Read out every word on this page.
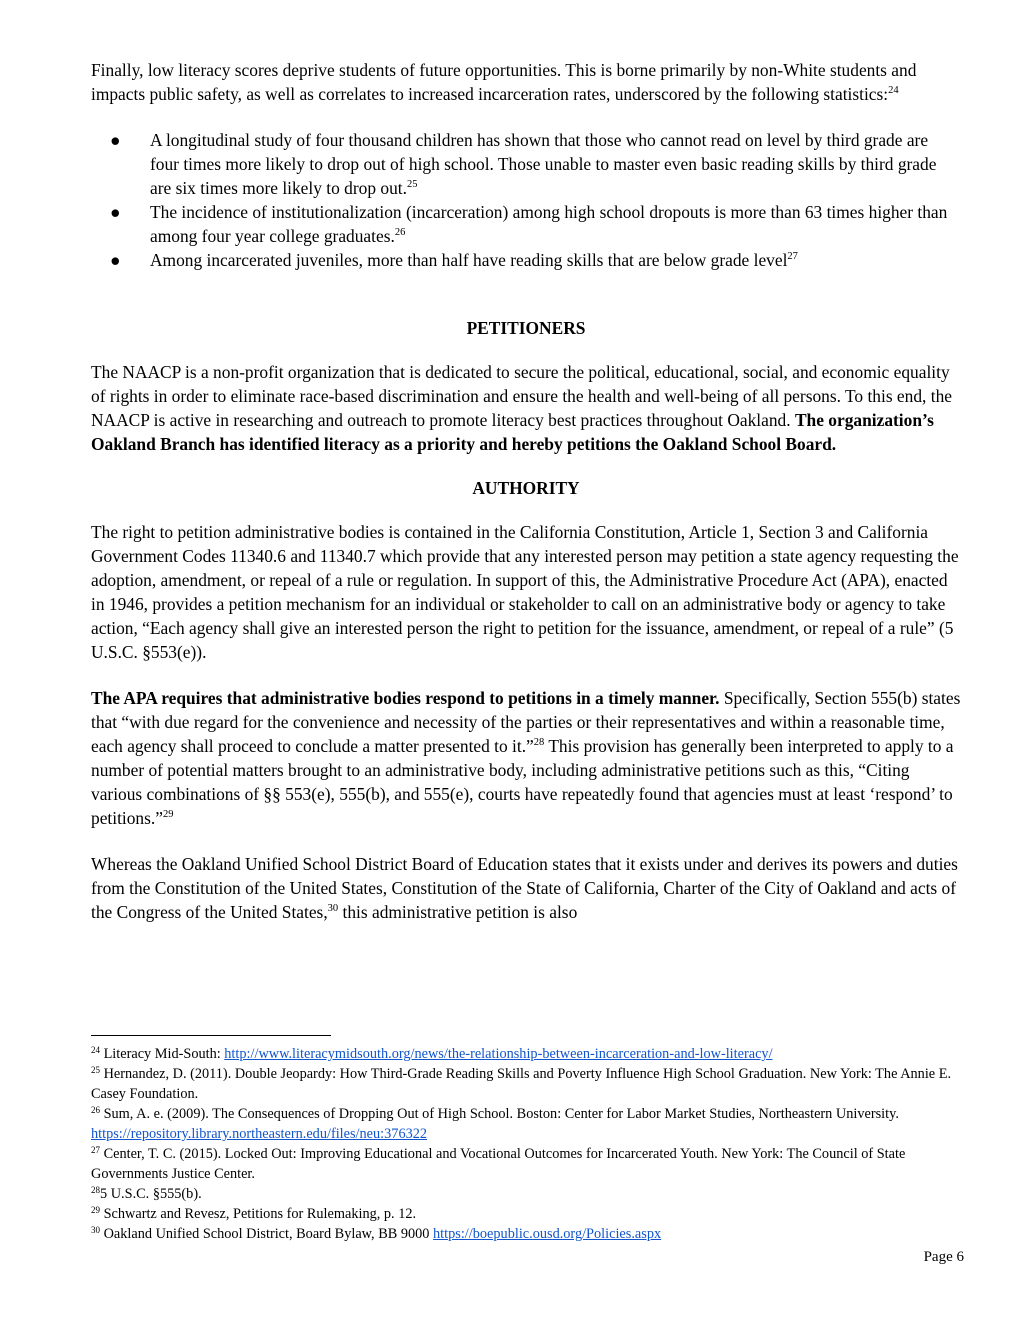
Finally, low literacy scores deprive students of future opportunities. This is borne primarily by non-White students and impacts public safety, as well as correlates to increased incarceration rates, underscored by the following statistics:$^{24}$

● A longitudinal study of four thousand children has shown that those who cannot read on level by third grade are four times more likely to drop out of high school. Those unable to master even basic reading skills by third grade are six times more likely to drop out.$^{25}$
● The incidence of institutionalization (incarceration) among high school dropouts is more than 63 times higher than among four year college graduates.$^{26}$
● Among incarcerated juveniles, more than half have reading skills that are below grade level$^{27}$
PETITIONERS

The NAACP is a non-profit organization that is dedicated to secure the political, educational, social, and economic equality of rights in order to eliminate race-based discrimination and ensure the health and well-being of all persons. To this end, the NAACP is active in researching and outreach to promote literacy best practices throughout Oakland. The organization’s Oakland Branch has identified literacy as a priority and hereby petitions the Oakland School Board.

AUTHORITY

The right to petition administrative bodies is contained in the California Constitution, Article 1, Section 3 and California Government Codes 11340.6 and 11340.7 which provide that any interested person may petition a state agency requesting the adoption, amendment, or repeal of a rule or regulation. In support of this, the Administrative Procedure Act (APA), enacted in 1946, provides a petition mechanism for an individual or stakeholder to call on an administrative body or agency to take action, “Each agency shall give an interested person the right to petition for the issuance, amendment, or repeal of a rule” (5 U.S.C. §553(e)).

The APA requires that administrative bodies respond to petitions in a timely manner. Specifically, Section 555(b) states that “with due regard for the convenience and necessity of the parties or their representatives and within a reasonable time, each agency shall proceed to conclude a matter presented to it.”$^{28}$ This provision has generally been interpreted to apply to a number of potential matters brought to an administrative body, including administrative petitions such as this, “Citing various combinations of §§ 553(e), 555(b), and 555(e), courts have repeatedly found that agencies must at least ‘respond’ to petitions.”$^{29}$

Whereas the Oakland Unified School District Board of Education states that it exists under and derives its powers and duties from the Constitution of the United States, Constitution of the State of California, Charter of the City of Oakland and acts of the Congress of the United States,$^{30}$ this administrative petition is also

$^{24}$ Literacy Mid-South: http://www.literacymidsouth.org/news/the-relationship-between-incarceration-and-low-literacy/

$^{25}$ Hernandez, D. (2011). Double Jeopardy: How Third-Grade Reading Skills and Poverty Influence High School Graduation. New York: The Annie E. Casey Foundation.

$^{26}$ Sum, A. e. (2009). The Consequences of Dropping Out of High School. Boston: Center for Labor Market Studies, Northeastern University. https://repository.library.northeastern.edu/files/neu:376322

$^{27}$ Center, T. C. (2015). Locked Out: Improving Educational and Vocational Outcomes for Incarcerated Youth. New York: The Council of State Governments Justice Center.

$^{28}$5 U.S.C. §555(b).

$^{29}$ Schwartz and Revesz, Petitions for Rulemaking, p. 12.

$^{30}$ Oakland Unified School District, Board Bylaw, BB 9000 https://boepublic.ousd.org/Policies.aspx

Page 6
